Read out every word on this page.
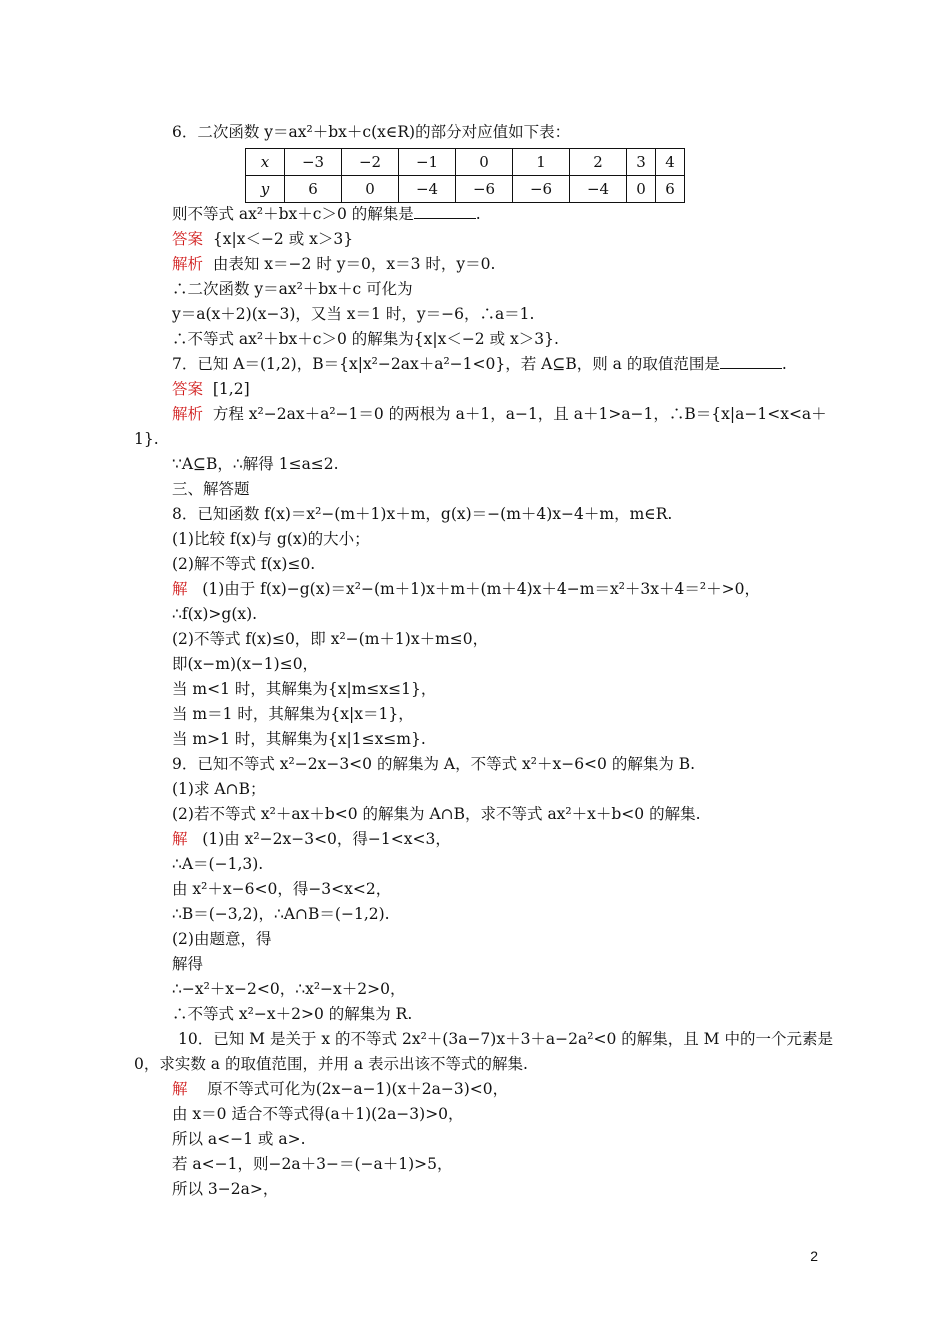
6．二次函数 y＝ax²＋bx＋c(x∈R)的部分对应值如下表：
x	−3	−2	−1	0	1	2	3	4
y	6	0	−4	−6	−6	−4	0	6
则不等式 ax²＋bx＋c＞0 的解集是	.
答案 {x|x＜−2 或 x＞3}
解析 由表知 x＝−2 时 y＝0，x＝3 时，y＝0.
∴二次函数 y＝ax²＋bx＋c 可化为
y＝a(x＋2)(x−3)，又当 x＝1 时，y＝−6，∴a＝1.
∴不等式 ax²＋bx＋c＞0 的解集为{x|x＜−2 或 x＞3}.
7．已知 A＝(1,2)，B＝{x|x²−2ax＋a²−1<0}，若 A⊆B，则 a 的取值范围是	.
答案 [1,2]
解析 方程 x²−2ax＋a²−1＝0 的两根为 a＋1，a−1，且 a＋1>a−1，∴B＝{x|a−1<x<a＋
1}.
∵A⊆B，∴解得 1≤a≤2.
三、解答题
8．已知函数 f(x)＝x²−(m＋1)x＋m，g(x)＝−(m＋4)x−4＋m，m∈R.
(1)比较 f(x)与 g(x)的大小；
(2)解不等式 f(x)≤0.
解 (1)由于 f(x)−g(x)＝x²−(m＋1)x＋m＋(m＋4)x＋4−m＝x²＋3x＋4＝²＋>0，
∴f(x)>g(x).
(2)不等式 f(x)≤0，即 x²−(m＋1)x＋m≤0，
即(x−m)(x−1)≤0，
当 m<1 时，其解集为{x|m≤x≤1}，
当 m＝1 时，其解集为{x|x＝1}，
当 m>1 时，其解集为{x|1≤x≤m}.
9．已知不等式 x²−2x−3<0 的解集为 A，不等式 x²＋x−6<0 的解集为 B.
(1)求 A∩B；
(2)若不等式 x²＋ax＋b<0 的解集为 A∩B，求不等式 ax²＋x＋b<0 的解集.
解 (1)由 x²−2x−3<0，得−1<x<3，
∴A＝(−1,3).
由 x²＋x−6<0，得−3<x<2，
∴B＝(−3,2)，∴A∩B＝(−1,2).
(2)由题意，得
解得
∴−x²＋x−2<0，∴x²−x＋2>0，
∴不等式 x²−x＋2>0 的解集为 R.
10．已知 M 是关于 x 的不等式 2x²＋(3a−7)x＋3＋a−2a²<0 的解集，且 M 中的一个元素是
0，求实数 a 的取值范围，并用 a 表示出该不等式的解集.
解 原不等式可化为(2x−a−1)(x＋2a−3)<0，
由 x＝0 适合不等式得(a＋1)(2a−3)>0，
所以 a<−1 或 a>.
若 a<−1，则−2a＋3−＝(−a＋1)>5，
所以 3−2a>，
2
